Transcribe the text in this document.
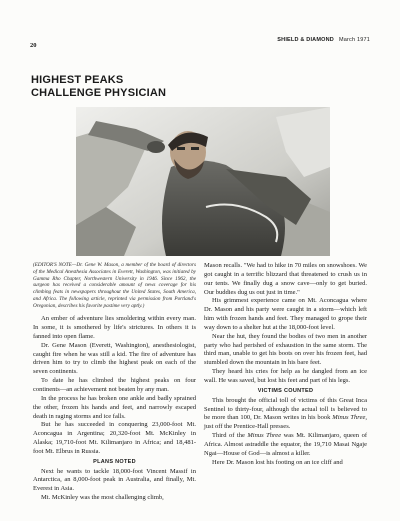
20
SHIELD & DIAMOND March 1971
HIGHEST PEAKS
CHALLENGE PHYSICIAN

(EDITOR'S NOTE—Dr. Gene W. Mason, a member of the board of directors of the Medical Anesthesia Associates in Everett, Washington, was initiated by Gamma Rho Chapter, Northwestern University in 1946. Since 1962, the surgeon has received a considerable amount of news coverage for his climbing feats in newspapers throughout the United States, South America, and Africa. The following article, reprinted via permission from Portland's Oregonian, describes his favorite pastime very aptly.)

An ember of adventure lies smoldering within every man. In some, it is smothered by life's strictures. In others it is fanned into open flame.

Dr. Gene Mason (Everett, Washington), anesthesiologist, caught fire when he was still a kid. The fire of adventure has driven him to try to climb the highest peak on each of the seven continents.

To date he has climbed the highest peaks on four continents—an achievement not beaten by any man.

In the process he has broken one ankle and badly sprained the other, frozen his hands and feet, and narrowly escaped death in raging storms and ice falls.

But he has succeeded in conquering 23,000-foot Mt. Aconcagua in Argentina; 20,320-foot Mt. McKinley in Alaska; 19,710-foot Mt. Kilimanjaro in Africa; and 18,481-foot Mt. Elbrus in Russia.

PLANS NOTED

Next he wants to tackle 18,000-foot Vincent Massif in Antarctica, an 8,000-foot peak in Australia, and finally, Mt. Everest in Asia.

Mt. McKinley was the most challenging climb,

Mason recalls. "We had to hike in 70 miles on snowshoes. We got caught in a terrific blizzard that threatened to crush us in our tents. We finally dug a snow cave—only to get buried. Our buddies dug us out just in time."

His grimmest experience came on Mt. Aconcagua where Dr. Mason and his party were caught in a storm—which left him with frozen hands and feet. They managed to grope their way down to a shelter hut at the 18,000-foot level.

Near the hut, they found the bodies of two men in another party who had perished of exhaustion in the same storm. The third man, unable to get his boots on over his frozen feet, had stumbled down the mountain in his bare feet.

They heard his cries for help as he dangled from an ice wall. He was saved, but lost his feet and part of his legs.

VICTIMS COUNTED

This brought the official toll of victims of this Great Inca Sentinel to thirty-four, although the actual toll is believed to be more than 100, Dr. Mason writes in his book Minus Three, just off the Prentice-Hall presses.

Third of the Minus Three was Mt. Kilimanjaro, queen of Africa. Almost astraddle the equator, the 19,710 Masai Ngaje Ngai—House of God—is almost a killer.

Here Dr. Mason lost his footing on an ice cliff and
